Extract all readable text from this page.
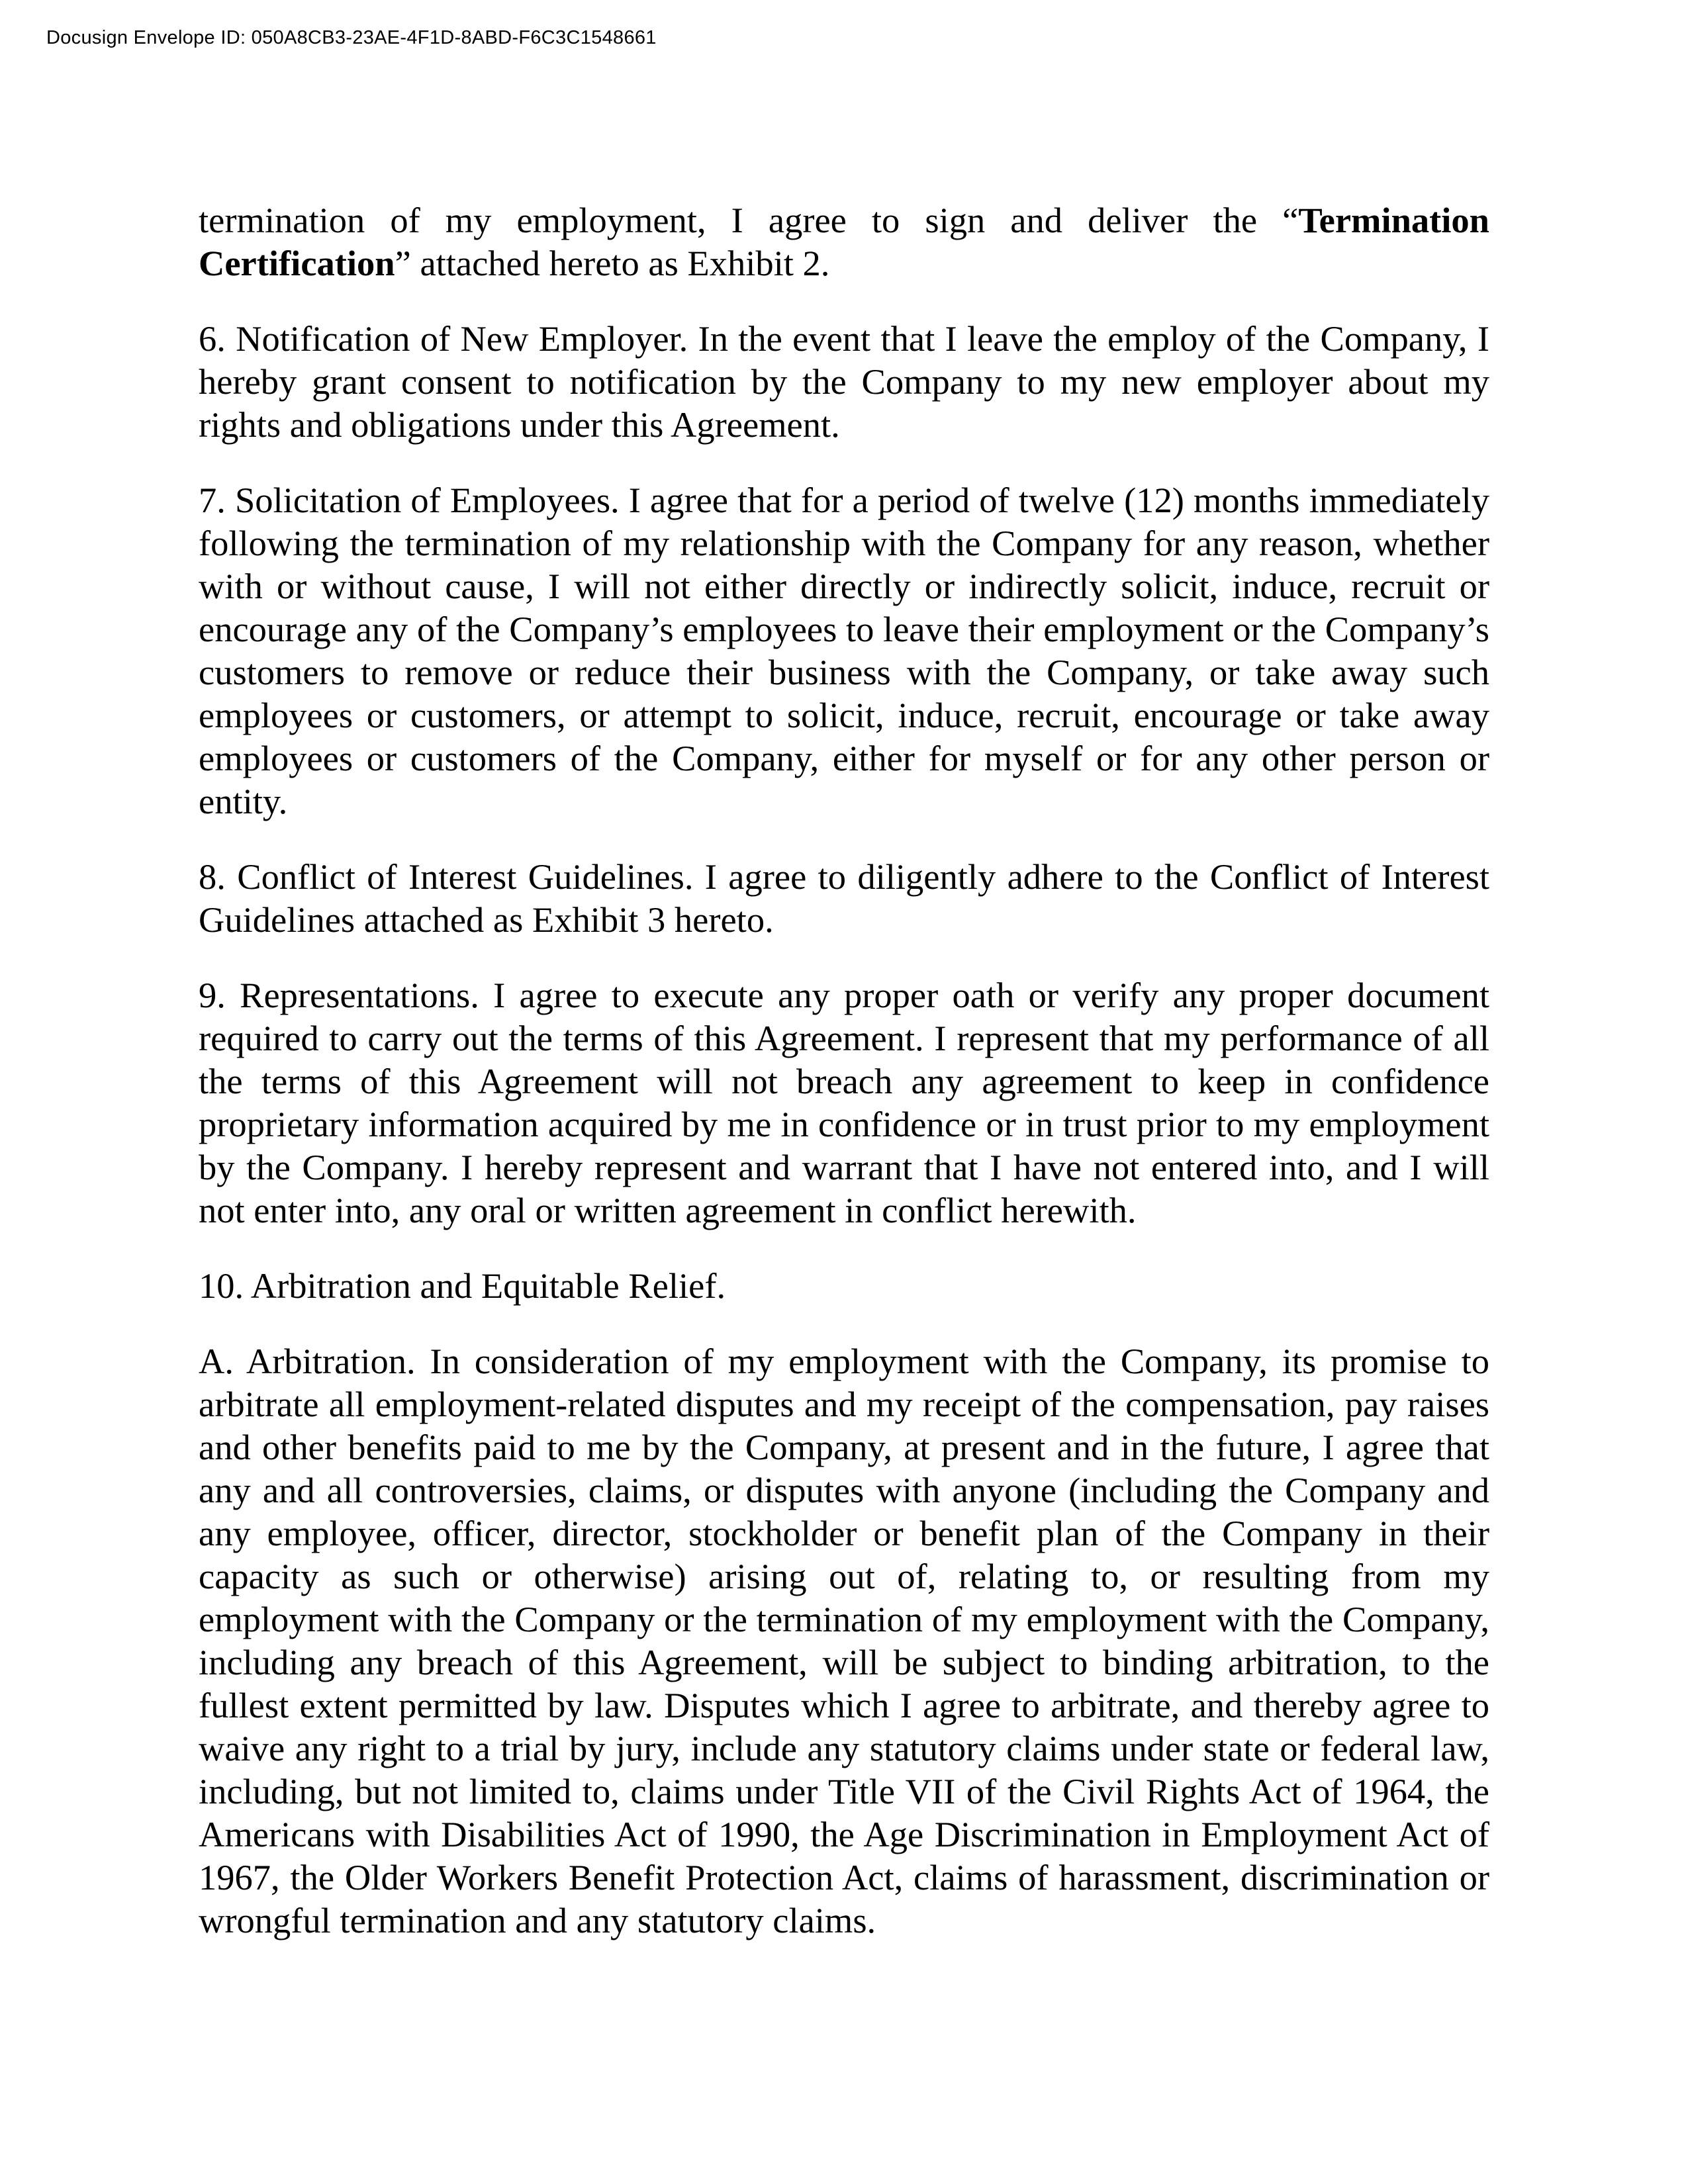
Docusign Envelope ID: 050A8CB3-23AE-4F1D-8ABD-F6C3C1548661

termination of my employment, I agree to sign and deliver the “Termination Certification” attached hereto as Exhibit 2.

6. Notification of New Employer. In the event that I leave the employ of the Company, I hereby grant consent to notification by the Company to my new employer about my rights and obligations under this Agreement.

7. Solicitation of Employees. I agree that for a period of twelve (12) months immediately following the termination of my relationship with the Company for any reason, whether with or without cause, I will not either directly or indirectly solicit, induce, recruit or encourage any of the Company’s employees to leave their employment or the Company’s customers to remove or reduce their business with the Company, or take away such employees or customers, or attempt to solicit, induce, recruit, encourage or take away employees or customers of the Company, either for myself or for any other person or entity.

8. Conflict of Interest Guidelines. I agree to diligently adhere to the Conflict of Interest Guidelines attached as Exhibit 3 hereto.

9. Representations. I agree to execute any proper oath or verify any proper document required to carry out the terms of this Agreement. I represent that my performance of all the terms of this Agreement will not breach any agreement to keep in confidence proprietary information acquired by me in confidence or in trust prior to my employment by the Company. I hereby represent and warrant that I have not entered into, and I will not enter into, any oral or written agreement in conflict herewith.

10. Arbitration and Equitable Relief.

A. Arbitration. In consideration of my employment with the Company, its promise to arbitrate all employment-related disputes and my receipt of the compensation, pay raises and other benefits paid to me by the Company, at present and in the future, I agree that any and all controversies, claims, or disputes with anyone (including the Company and any employee, officer, director, stockholder or benefit plan of the Company in their capacity as such or otherwise) arising out of, relating to, or resulting from my employment with the Company or the termination of my employment with the Company, including any breach of this Agreement, will be subject to binding arbitration, to the fullest extent permitted by law. Disputes which I agree to arbitrate, and thereby agree to waive any right to a trial by jury, include any statutory claims under state or federal law, including, but not limited to, claims under Title VII of the Civil Rights Act of 1964, the Americans with Disabilities Act of 1990, the Age Discrimination in Employment Act of 1967, the Older Workers Benefit Protection Act, claims of harassment, discrimination or wrongful termination and any statutory claims.
